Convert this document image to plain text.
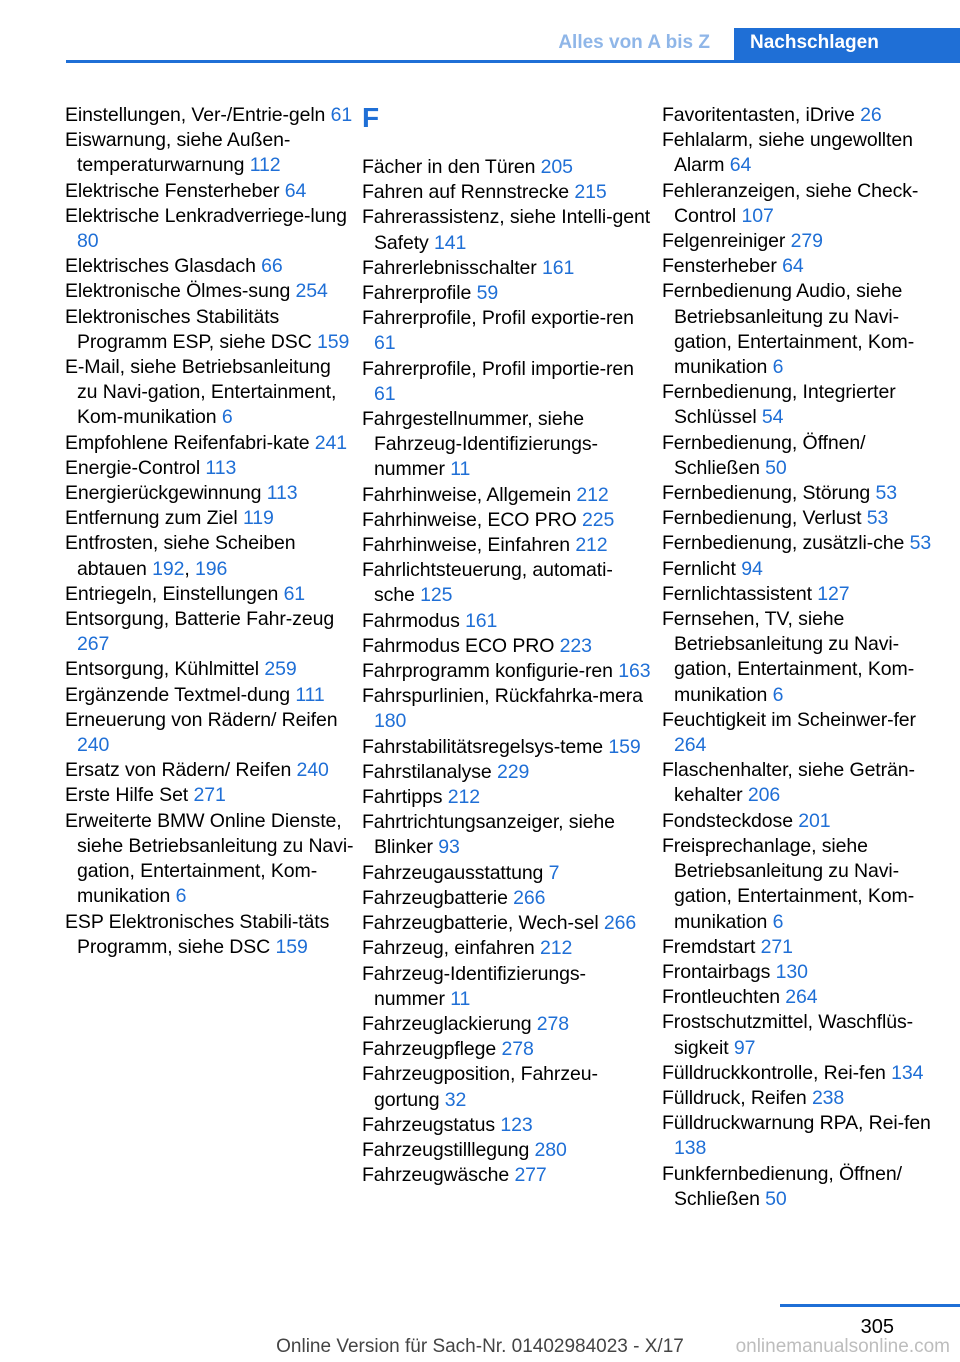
Alles von A bis Z	Nachschlagen
Einstellungen, Ver-/Entrie-geln 61
Eiswarnung, siehe Außen-temperaturwarnung 112
Elektrische Fensterheber 64
Elektrische Lenkradverriege-lung 80
Elektrisches Glasdach 66
Elektronische Ölmes-sung 254
Elektronisches Stabilitäts Programm ESP, siehe DSC 159
E-Mail, siehe Betriebsanleitung zu Navi-gation, Entertainment, Kom-munikation 6
Empfohlene Reifenfabri-kate 241
Energie-Control 113
Energierückgewinnung 113
Entfernung zum Ziel 119
Entfrosten, siehe Scheiben abtauen 192, 196
Entriegeln, Einstellungen 61
Entsorgung, Batterie Fahr-zeug 267
Entsorgung, Kühlmittel 259
Ergänzende Textmel-dung 111
Erneuerung von Rädern/ Reifen 240
Ersatz von Rädern/ Reifen 240
Erste Hilfe Set 271
Erweiterte BMW Online Dienste, siehe Betriebsanleitung zu Navi-gation, Entertainment, Kom-munikation 6
ESP Elektronisches Stabili-täts Programm, siehe DSC 159
F
Fächer in den Türen 205
Fahren auf Rennstrecke 215
Fahrerassistenz, siehe Intelli-gent Safety 141
Fahrerlebnisschalter 161
Fahrerprofile 59
Fahrerprofile, Profil exportie-ren 61
Fahrerprofile, Profil importie-ren 61
Fahrgestellnummer, siehe Fahrzeug-Identifizierungs-nummer 11
Fahrhinweise, Allgemein 212
Fahrhinweise, ECO PRO 225
Fahrhinweise, Einfahren 212
Fahrlichtsteuerung, automati-sche 125
Fahrmodus 161
Fahrmodus ECO PRO 223
Fahrprogramm konfigurie-ren 163
Fahrspurlinien, Rückfahrka-mera 180
Fahrstabilitätsregelsys-teme 159
Fahrstilanalyse 229
Fahrtipps 212
Fahrtrichtungsanzeiger, siehe Blinker 93
Fahrzeugausstattung 7
Fahrzeugbatterie 266
Fahrzeugbatterie, Wech-sel 266
Fahrzeug, einfahren 212
Fahrzeug-Identifizierungs-nummer 11
Fahrzeuglackierung 278
Fahrzeugpflege 278
Fahrzeugposition, Fahrzeu-gortung 32
Fahrzeugstatus 123
Fahrzeugstilllegung 280
Fahrzeugwäsche 277
Favoritentasten, iDrive 26
Fehlalarm, siehe ungewollten Alarm 64
Fehleranzeigen, siehe Check-Control 107
Felgenreiniger 279
Fensterheber 64
Fernbedienung Audio, siehe Betriebsanleitung zu Navi-gation, Entertainment, Kom-munikation 6
Fernbedienung, Integrierter Schlüssel 54
Fernbedienung, Öffnen/ Schließen 50
Fernbedienung, Störung 53
Fernbedienung, Verlust 53
Fernbedienung, zusätzli-che 53
Fernlicht 94
Fernlichtassistent 127
Fernsehen, TV, siehe Betriebsanleitung zu Navi-gation, Entertainment, Kom-munikation 6
Feuchtigkeit im Scheinwer-fer 264
Flaschenhalter, siehe Geträn-kehalter 206
Fondsteckdose 201
Freisprechanlage, siehe Betriebsanleitung zu Navi-gation, Entertainment, Kom-munikation 6
Fremdstart 271
Frontairbags 130
Frontleuchten 264
Frostschutzmittel, Waschflüs-sigkeit 97
Fülldruckkontrolle, Rei-fen 134
Fülldruck, Reifen 238
Fülldruckwarnung RPA, Rei-fen 138
Funkfernbedienung, Öffnen/ Schließen 50
305
Online Version für Sach-Nr. 01402984023 - X/17	onlinemanualsonline.com
